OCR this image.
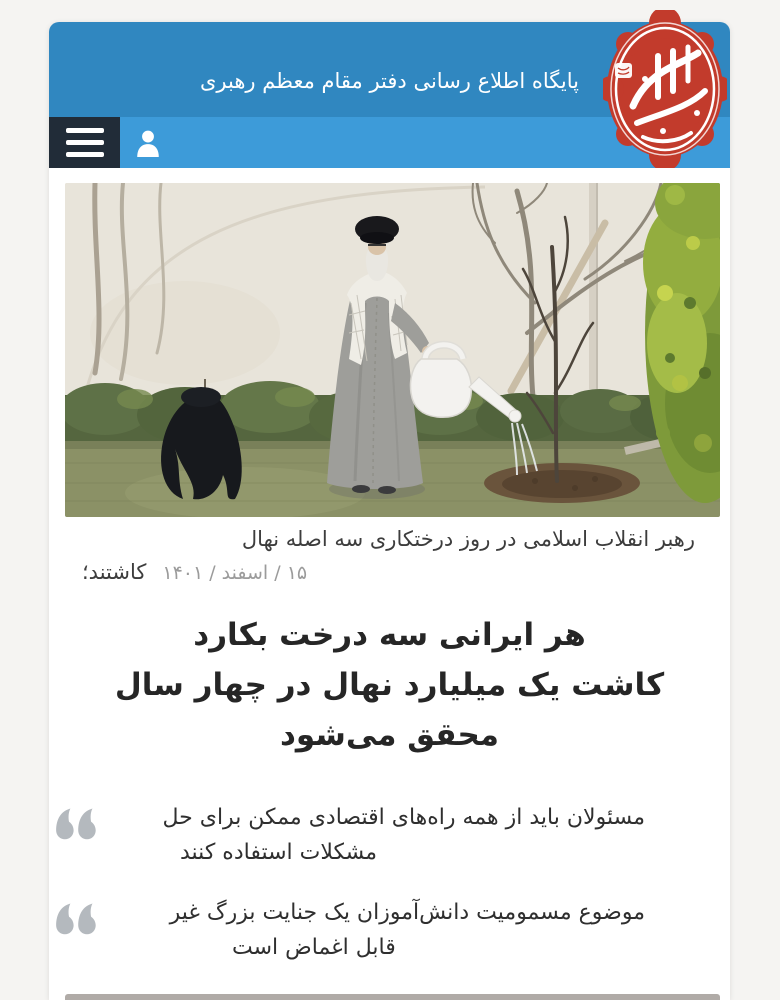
پایگاه اطلاع رسانی دفتر مقام معظم رهبری
رهبر انقلاب اسلامی در روز درختکاری سه اصله نهال
کاشتند؛ ۱۵ / اسفند / ۱۴۰۱
هر ایرانی سه درخت بکارد
کاشت یک میلیارد نهال در چهار سال
محقق می‌شود
مسئولان باید از همه راه‌های اقتصادی ممکن برای حل
مشکلات استفاده کنند
موضوع مسمومیت دانش‌آموزان یک جنایت بزرگ غیر
قابل اغماض است
